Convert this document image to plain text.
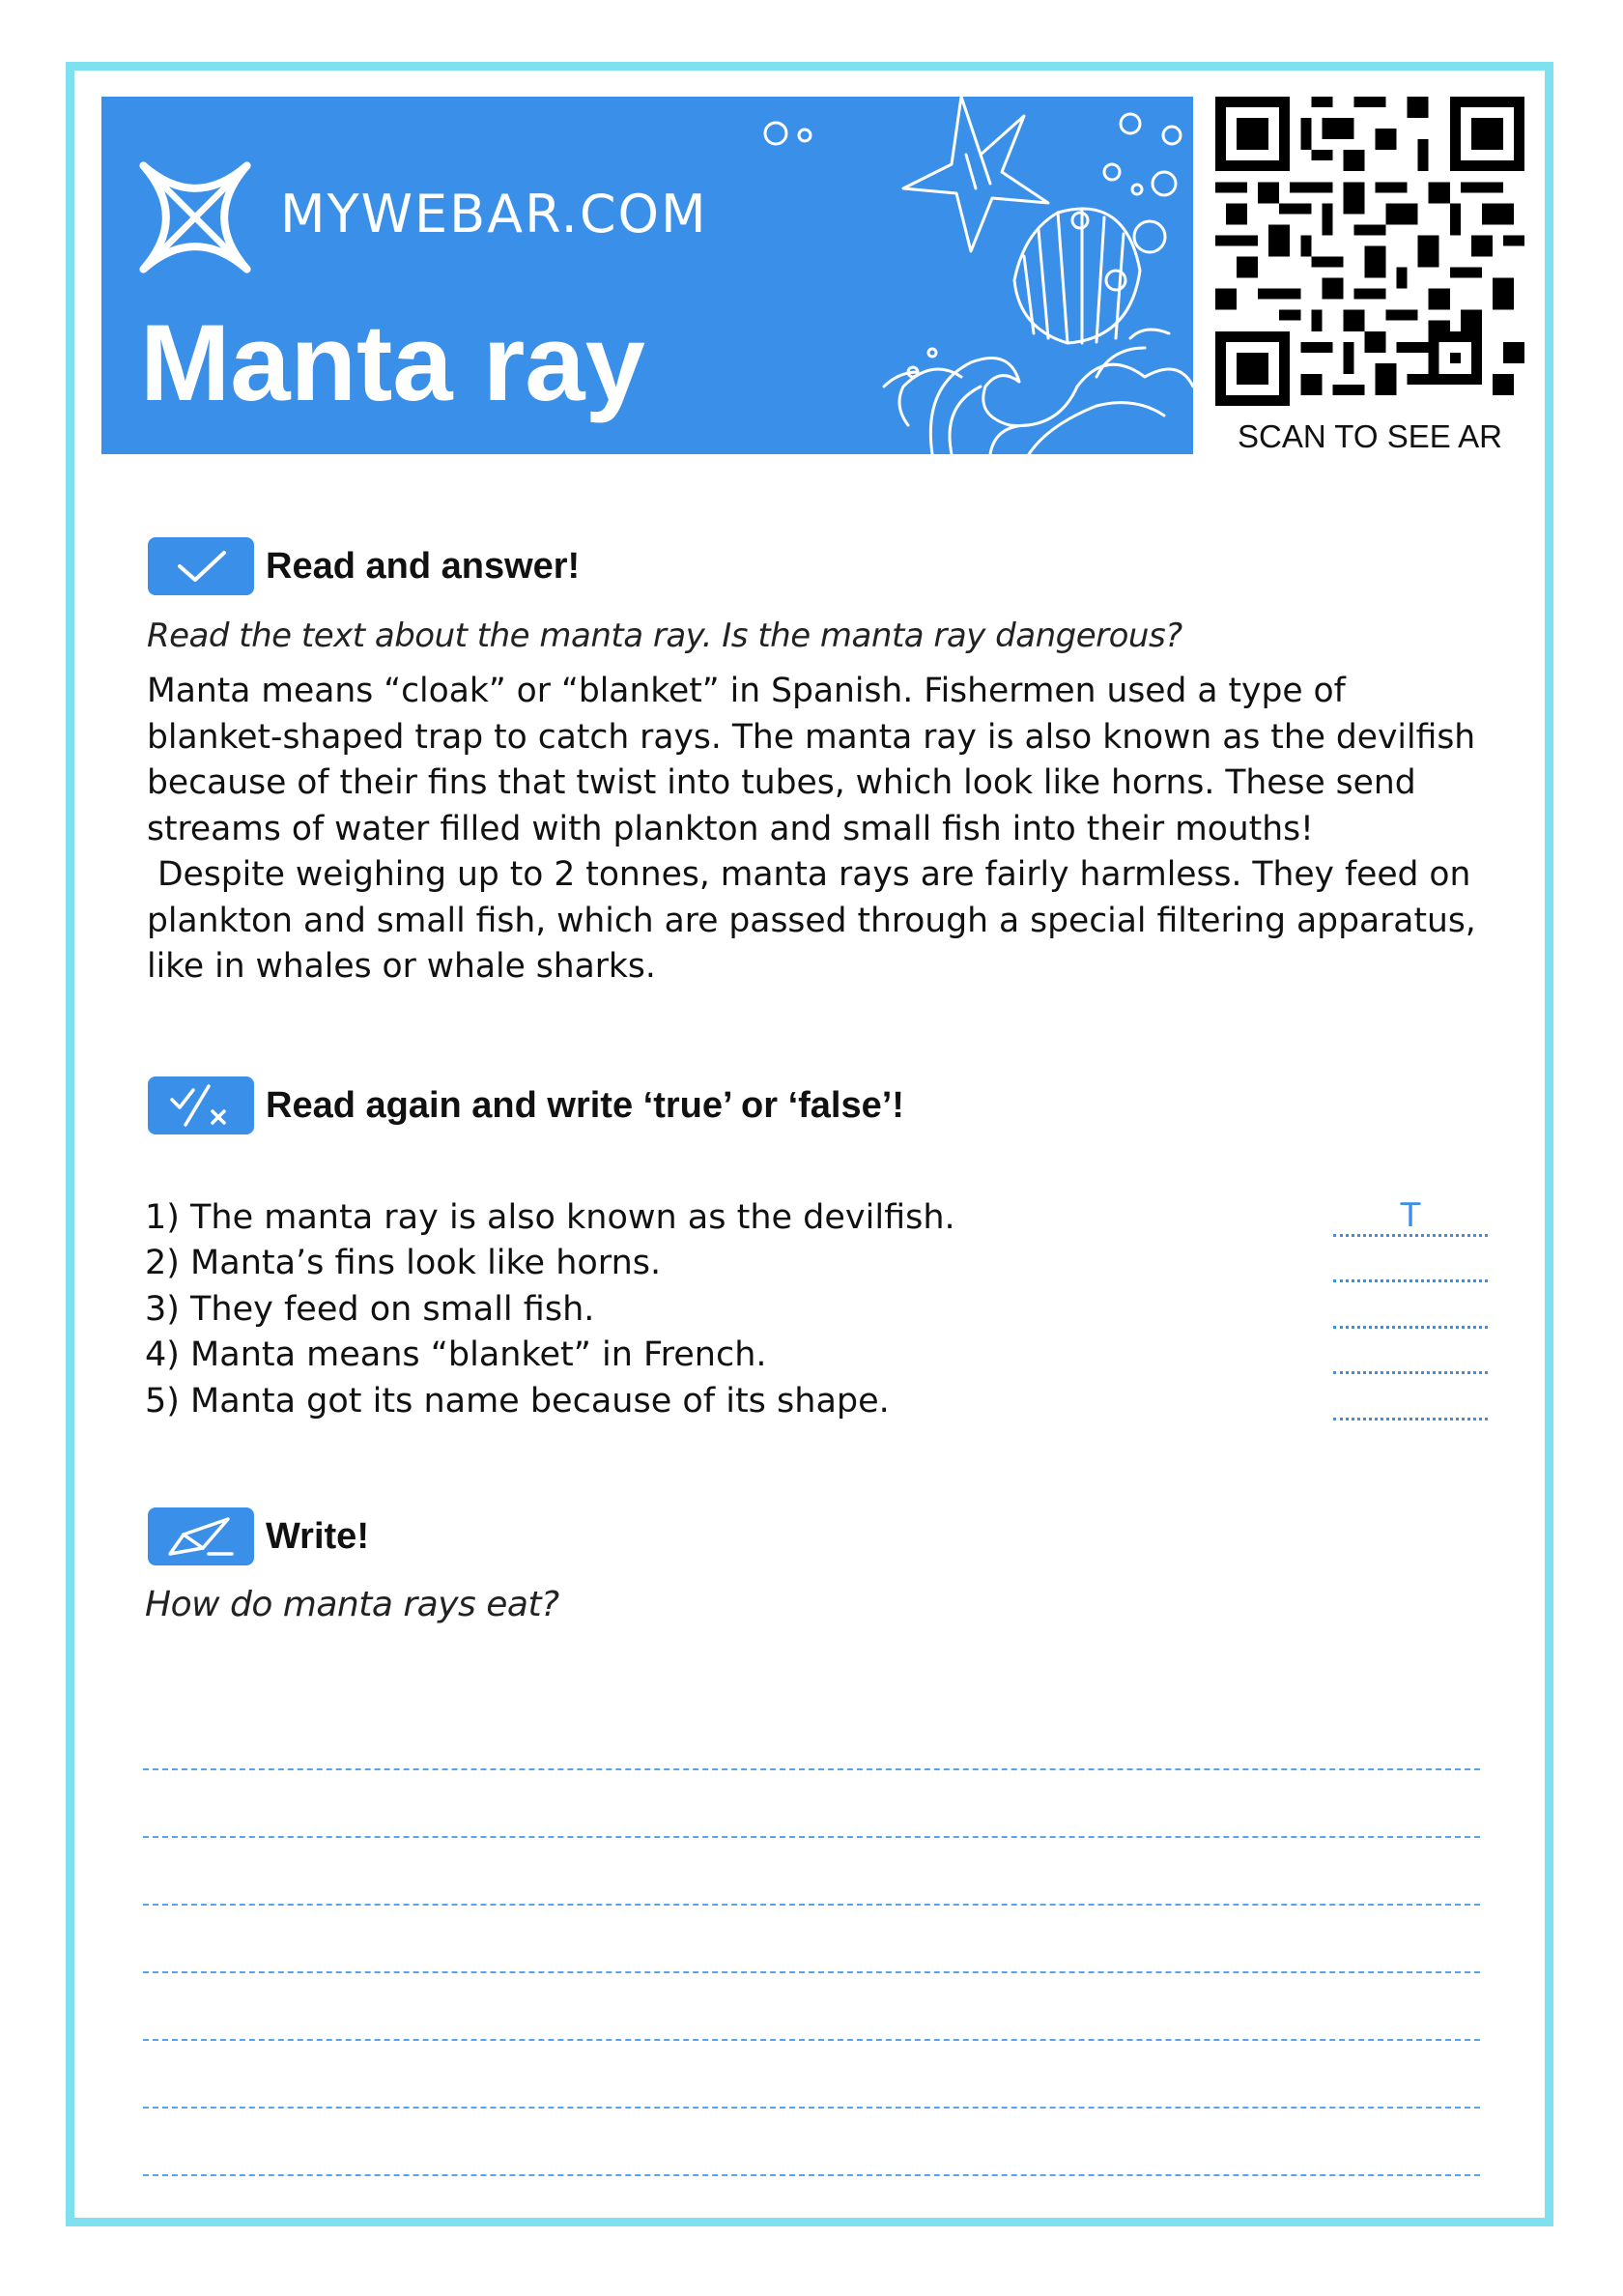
MYWEBAR.COM
Manta ray
SCAN TO SEE AR
Read and answer!
Read the text about the manta ray. Is the manta ray dangerous?

Manta means “cloak” or “blanket” in Spanish. Fishermen used a type of

blanket-shaped trap to catch rays. The manta ray is also known as the devilfish

because of their fins that twist into tubes, which look like horns. These send

streams of water filled with plankton and small fish into their mouths!

Despite weighing up to 2 tonnes, manta rays are fairly harmless. They feed on

plankton and small fish, which are passed through a special filtering apparatus,

like in whales or whale sharks.

Read again and write ‘true’ or ‘false’!
1) The manta ray is also known as the devilfish.	T
2) Manta’s fins look like horns.
3) They feed on small fish.
4) Manta means “blanket” in French.
5) Manta got its name because of its shape.
Write!
How do manta rays eat?
